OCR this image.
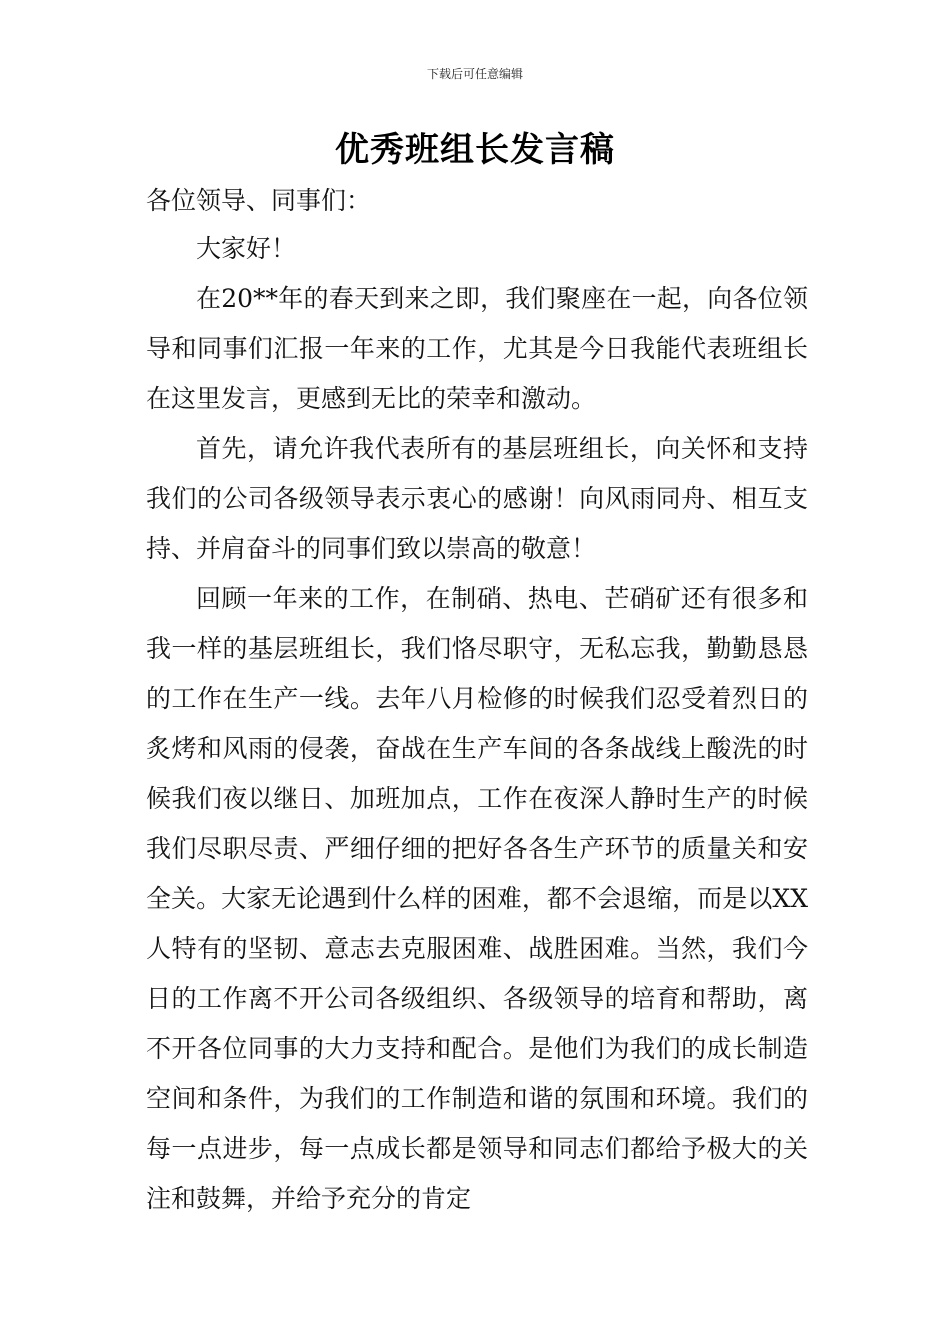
下载后可任意编辑
优秀班组长发言稿

各位领导、同事们：

大家好！

在20**年的春天到来之即，我们聚座在一起，向各位领导和同事们汇报一年来的工作，尤其是今日我能代表班组长在这里发言，更感到无比的荣幸和激动。

首先，请允许我代表所有的基层班组长，向关怀和支持我们的公司各级领导表示衷心的感谢！向风雨同舟、相互支持、并肩奋斗的同事们致以崇高的敬意！

回顾一年来的工作，在制硝、热电、芒硝矿还有很多和我一样的基层班组长，我们恪尽职守，无私忘我，勤勤恳恳的工作在生产一线。去年八月检修的时候我们忍受着烈日的炙烤和风雨的侵袭，奋战在生产车间的各条战线上酸洗的时候我们夜以继日、加班加点，工作在夜深人静时生产的时候我们尽职尽责、严细仔细的把好各各生产环节的质量关和安全关。大家无论遇到什么样的困难，都不会退缩，而是以XX人特有的坚韧、意志去克服困难、战胜困难。当然，我们今日的工作离不开公司各级组织、各级领导的培育和帮助，离不开各位同事的大力支持和配合。是他们为我们的成长制造空间和条件，为我们的工作制造和谐的氛围和环境。我们的每一点进步，每一点成长都是领导和同志们都给予极大的关注和鼓舞，并给予充分的肯定
